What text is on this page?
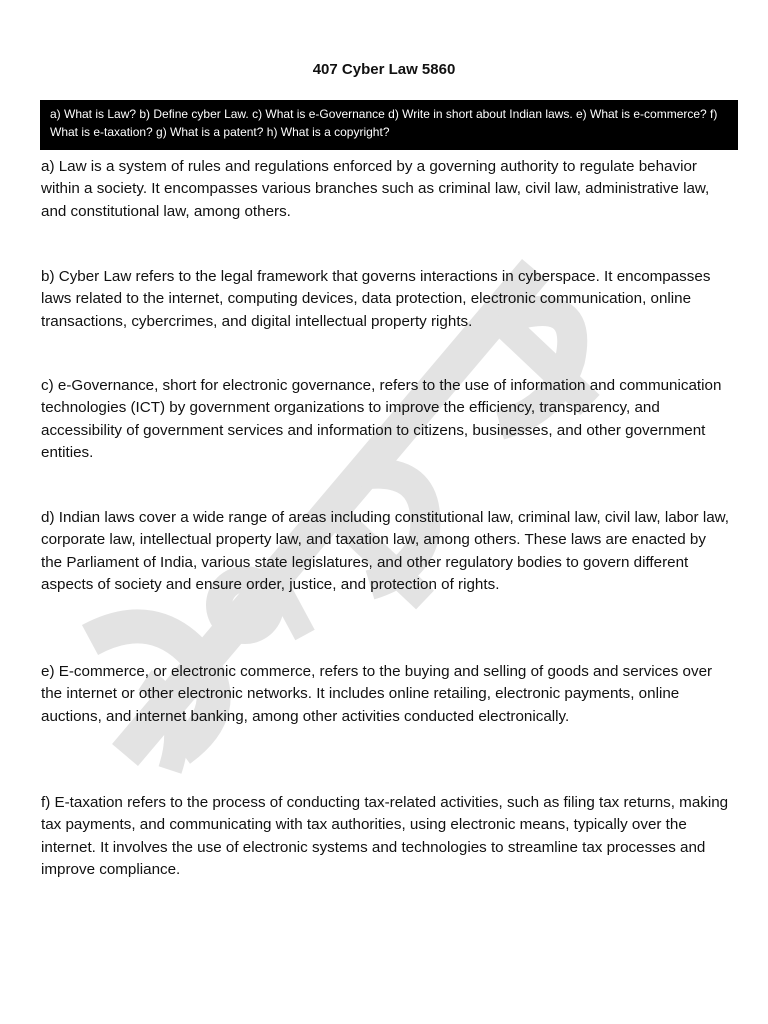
407 Cyber Law 5860
a) What is Law? b) Define cyber Law. c) What is e-Governance d) Write in short about Indian laws. e) What is e-commerce? f) What is e-taxation? g) What is a patent? h) What is a copyright?

a) Law is a system of rules and regulations enforced by a governing authority to regulate behavior within a society. It encompasses various branches such as criminal law, civil law, administrative law, and constitutional law, among others.

b) Cyber Law refers to the legal framework that governs interactions in cyberspace. It encompasses laws related to the internet, computing devices, data protection, electronic communication, online transactions, cybercrimes, and digital intellectual property rights.

c) e-Governance, short for electronic governance, refers to the use of information and communication technologies (ICT) by government organizations to improve the efficiency, transparency, and accessibility of government services and information to citizens, businesses, and other government entities.

d) Indian laws cover a wide range of areas including constitutional law, criminal law, civil law, labor law, corporate law, intellectual property law, and taxation law, among others. These laws are enacted by the Parliament of India, various state legislatures, and other regulatory bodies to govern different aspects of society and ensure order, justice, and protection of rights.

e) E-commerce, or electronic commerce, refers to the buying and selling of goods and services over the internet or other electronic networks. It includes online retailing, electronic payments, online auctions, and internet banking, among other activities conducted electronically.

f) E-taxation refers to the process of conducting tax-related activities, such as filing tax returns, making tax payments, and communicating with tax authorities, using electronic means, typically over the internet. It involves the use of electronic systems and technologies to streamline tax processes and improve compliance.
